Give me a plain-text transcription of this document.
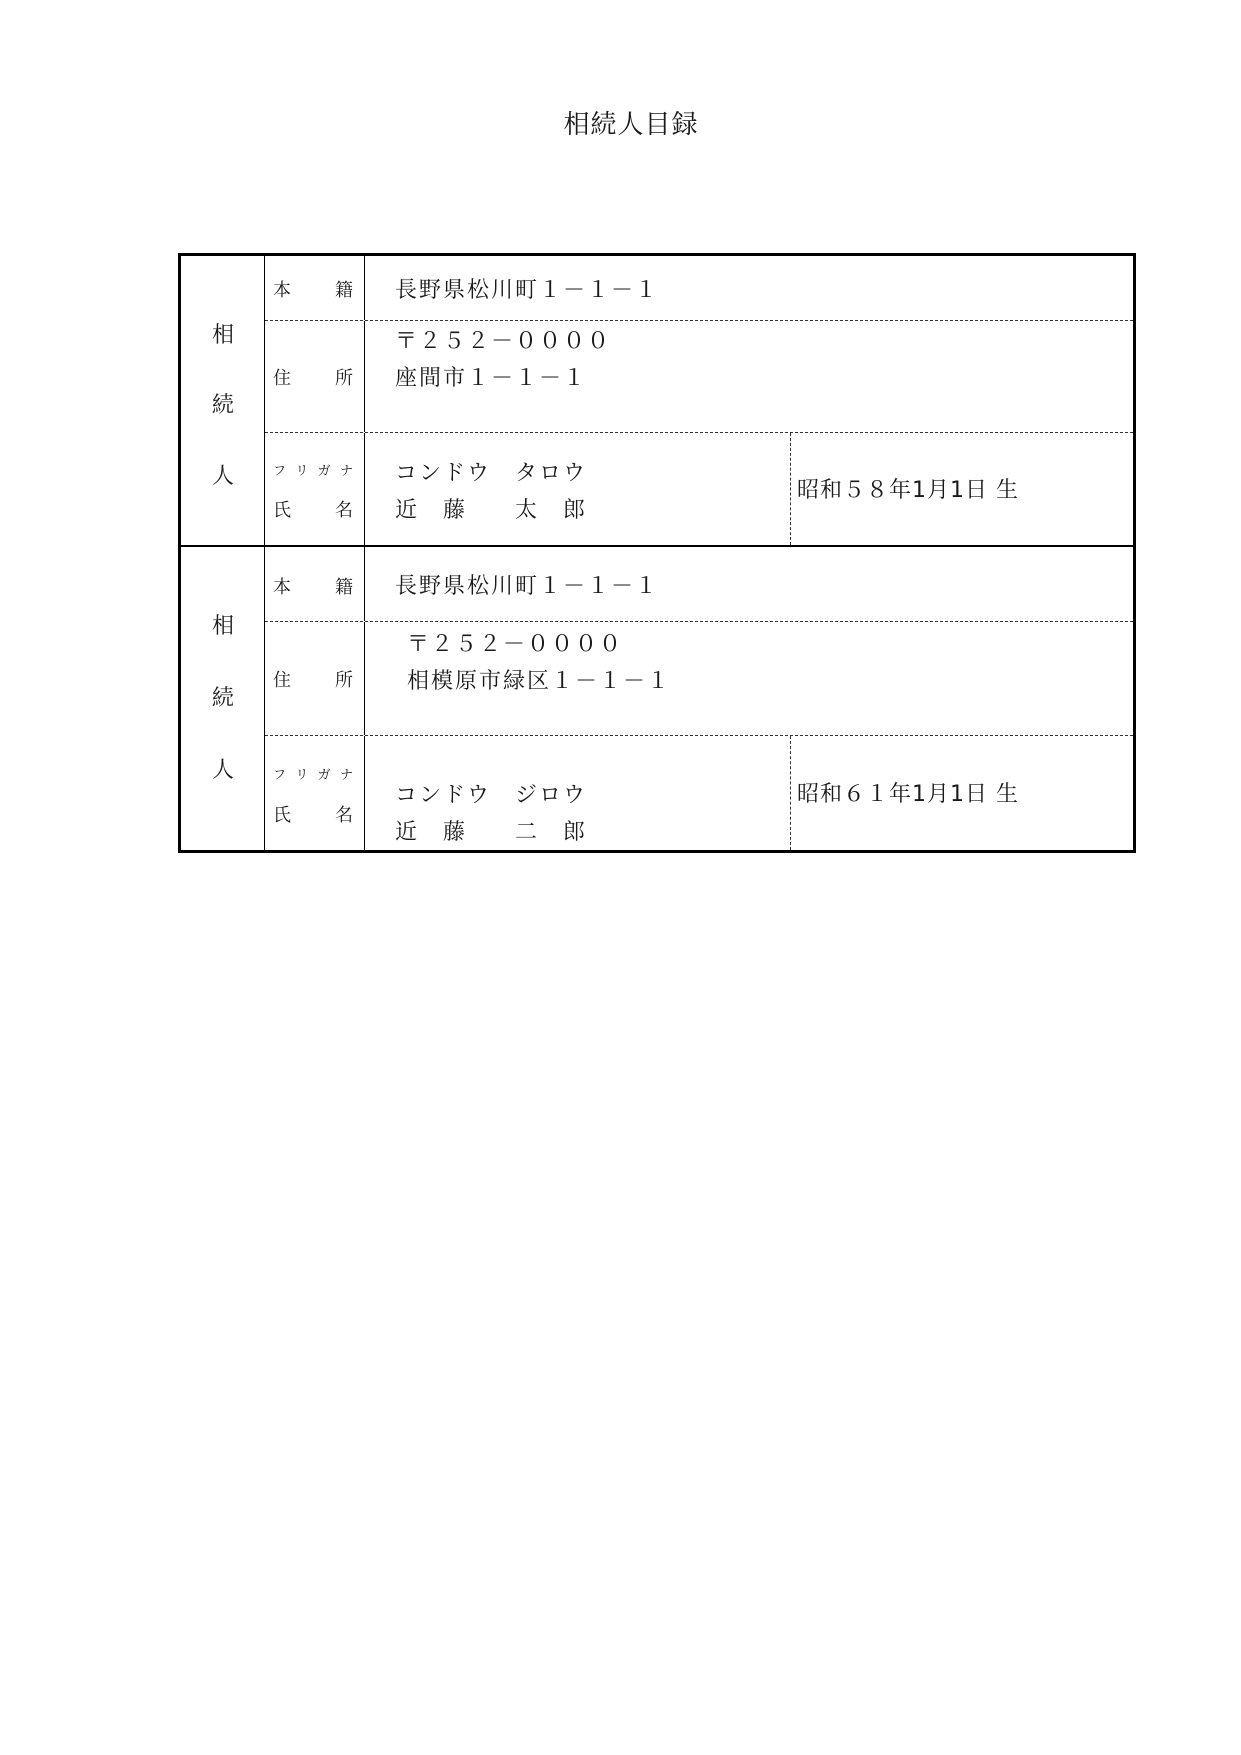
相続人目録
相
続
人
本 籍 長野県松川町１－１－１
住 所
〒２５２－００００
座間市１－１－１
フ リ ガ ナ
氏 名
コンドウ　タロウ
近　藤　　太　郎
昭和５８年1月1日 生
相
続
人
本 籍 長野県松川町１－１－１
住 所
〒２５２－００００
相模原市緑区１－１－１
フ リ ガ ナ
氏 名
コンドウ　ジロウ
近　藤　　二　郎
昭和６１年1月1日 生
